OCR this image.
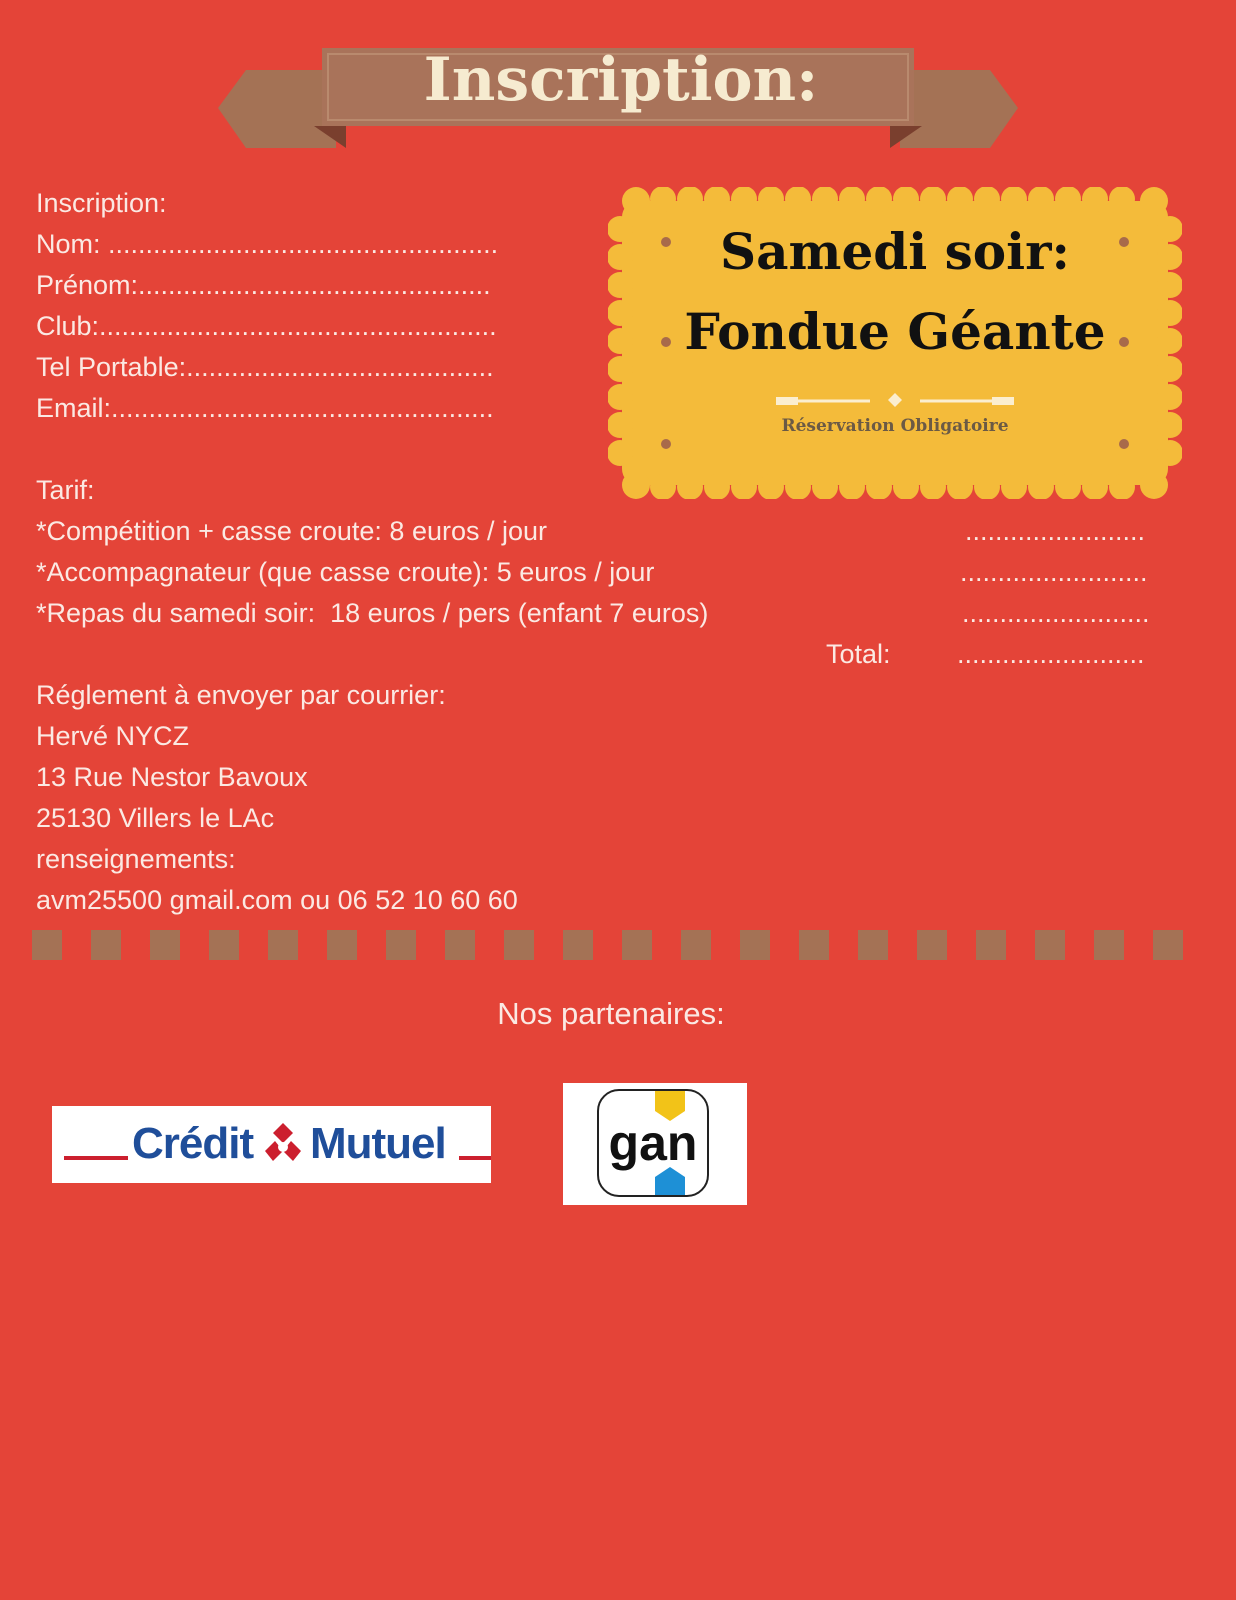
Inscription:
Inscription:
Nom: ....................................................
Prénom:...............................................
Club:.....................................................
Tel Portable:.........................................
Email:...................................................
Tarif:
*Compétition + casse croute: 8 euros / jour	........................
*Accompagnateur (que casse croute): 5 euros / jour	.........................
*Repas du samedi soir:  18 euros / pers (enfant 7 euros)	.........................
Total: .........................
Réglement à envoyer par courrier:
Hervé NYCZ
13 Rue Nestor Bavoux
25130 Villers le LAc
renseignements:
avm25500 gmail.com ou 06 52 10 60 60
Samedi soir:
Fondue Géante
Réservation Obligatoire
Nos partenaires:
Crédit Mutuel	gan
